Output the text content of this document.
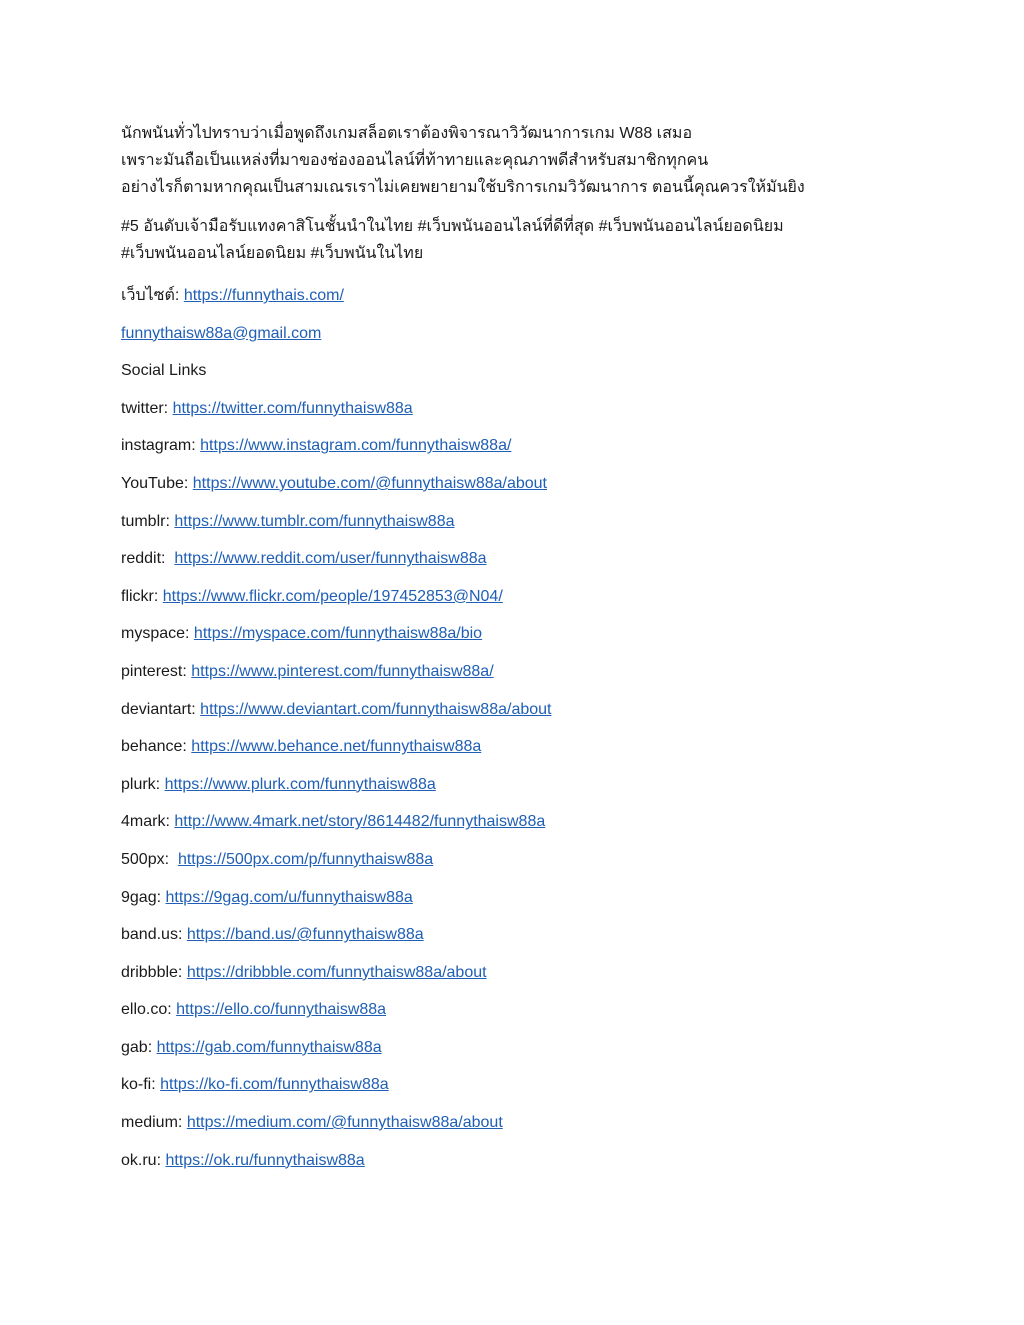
นักพนันทั่วไปทราบว่าเมื่อพูดถึงเกมสล็อตเราต้องพิจารณาวิวัฒนาการเกม W88 เสมอ
เพราะมันถือเป็นแหล่งที่มาของช่องออนไลน์ที่ท้าทายและคุณภาพดีสำหรับสมาชิกทุกคน
อย่างไรก็ตามหากคุณเป็นสามเณรเราไม่เคยพยายามใช้บริการเกมวิวัฒนาการ ตอนนี้คุณควรให้มันยิง

#5 อันดับเจ้ามือรับแทงคาสิโนชั้นนำในไทย #เว็บพนันออนไลน์ที่ดีที่สุด #เว็บพนันออนไลน์ยอดนิยม
#เว็บพนันออนไลน์ยอดนิยม #เว็บพนันในไทย

เว็บไซต์: https://funnythais.com/
funnythaisw88a@gmail.com
Social Links
twitter: https://twitter.com/funnythaisw88a
instagram: https://www.instagram.com/funnythaisw88a/
YouTube: https://www.youtube.com/@funnythaisw88a/about
tumblr: https://www.tumblr.com/funnythaisw88a
reddit: https://www.reddit.com/user/funnythaisw88a
flickr: https://www.flickr.com/people/197452853@N04/
myspace: https://myspace.com/funnythaisw88a/bio
pinterest: https://www.pinterest.com/funnythaisw88a/
deviantart: https://www.deviantart.com/funnythaisw88a/about
behance: https://www.behance.net/funnythaisw88a
plurk: https://www.plurk.com/funnythaisw88a
4mark: http://www.4mark.net/story/8614482/funnythaisw88a
500px: https://500px.com/p/funnythaisw88a
9gag: https://9gag.com/u/funnythaisw88a
band.us: https://band.us/@funnythaisw88a
dribbble: https://dribbble.com/funnythaisw88a/about
ello.co: https://ello.co/funnythaisw88a
gab: https://gab.com/funnythaisw88a
ko-fi: https://ko-fi.com/funnythaisw88a
medium: https://medium.com/@funnythaisw88a/about
ok.ru: https://ok.ru/funnythaisw88a
